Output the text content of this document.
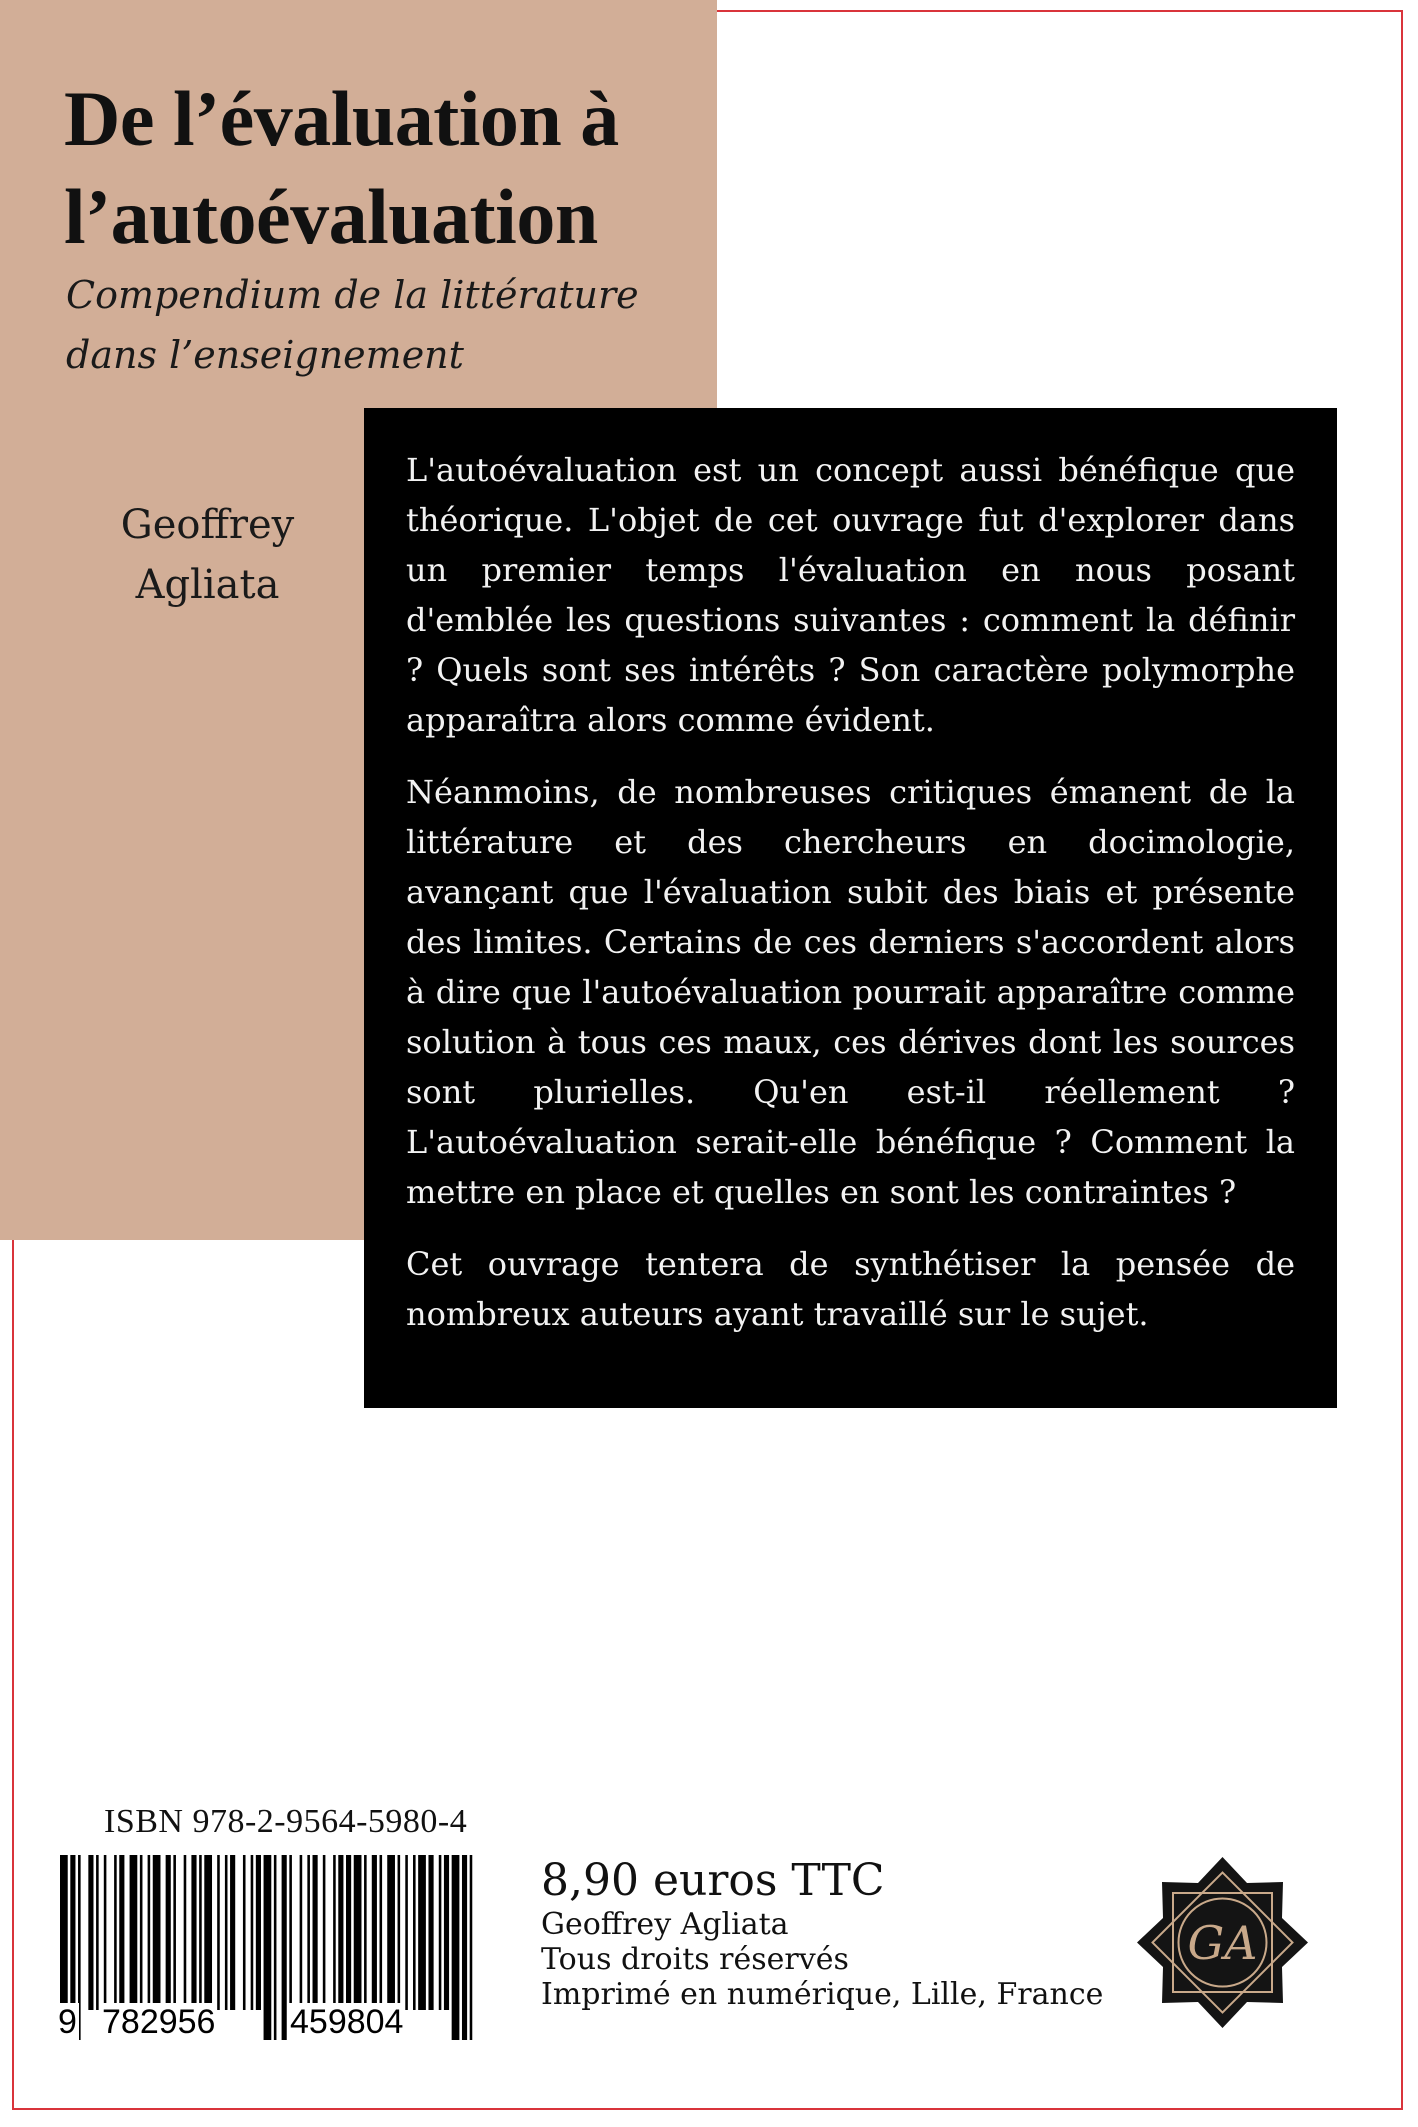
De l’évaluation à l’autoévaluation

Compendium de la littérature dans l’enseignement

Geoffrey Agliata

L'autoévaluation est un concept aussi bénéfique que théorique. L'objet de cet ouvrage fut d'explorer dans un premier temps l'évaluation en nous posant d'emblée les questions suivantes : comment la définir ? Quels sont ses intérêts ? Son caractère polymorphe apparaîtra alors comme évident.

Néanmoins, de nombreuses critiques émanent de la littérature et des chercheurs en docimologie, avançant que l'évaluation subit des biais et présente des limites. Certains de ces derniers s'accordent alors à dire que l'autoévaluation pourrait apparaître comme solution à tous ces maux, ces dérives dont les sources sont plurielles. Qu'en est-il réellement ? L'autoévaluation serait-elle bénéfique ? Comment la mettre en place et quelles en sont les contraintes ?

Cet ouvrage tentera de synthétiser la pensée de nombreux auteurs ayant travaillé sur le sujet.

ISBN 978-2-9564-5980-4

9 782956 459804

8,90 euros TTC

Geoffrey Agliata

Tous droits réservés

Imprimé en numérique, Lille, France

GA
